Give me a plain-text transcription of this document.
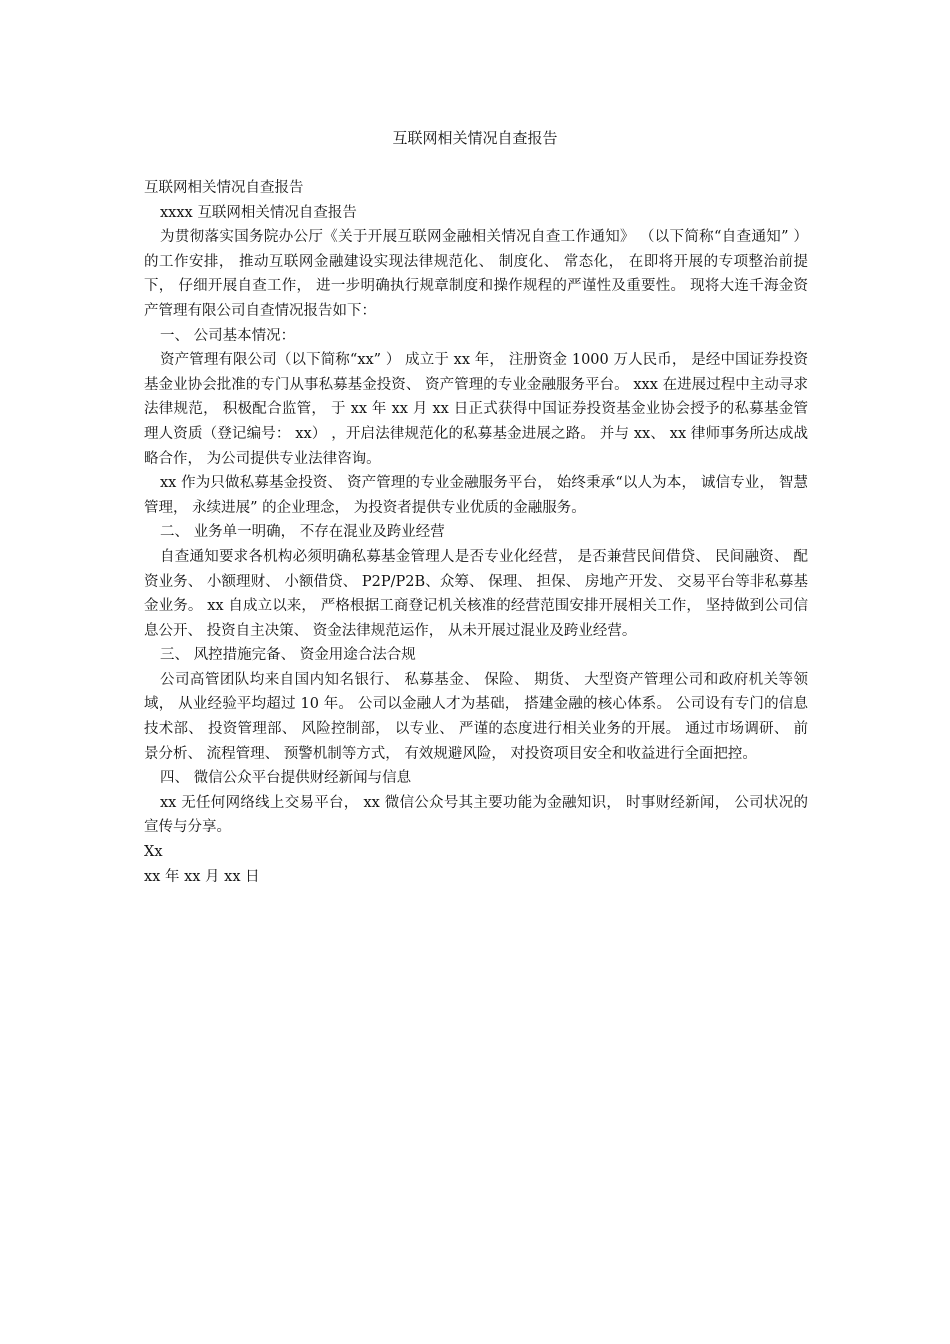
互联网相关情况自查报告

互联网相关情况自查报告

xxxx 互联网相关情况自查报告

为贯彻落实国务院办公厅《关于开展互联网金融相关情况自查工作通知》 （以下简称“自查通知” ） 的工作安排， 推动互联网金融建设实现法律规范化、 制度化、 常态化， 在即将开展的专项整治前提下， 仔细开展自查工作， 进一步明确执行规章制度和操作规程的严谨性及重要性。 现将大连千海金资产管理有限公司自查情况报告如下：

一、 公司基本情况：

资产管理有限公司（以下简称“xx” ） 成立于 xx 年， 注册资金 1000 万人民币， 是经中国证券投资基金业协会批准的专门从事私募基金投资、 资产管理的专业金融服务平台。 xxx 在进展过程中主动寻求法律规范， 积极配合监管， 于 xx 年 xx 月 xx 日正式获得中国证券投资基金业协会授予的私募基金管理人资质（登记编号： xx） ，开启法律规范化的私募基金进展之路。 并与 xx、 xx 律师事务所达成战略合作， 为公司提供专业法律咨询。

xx 作为只做私募基金投资、 资产管理的专业金融服务平台， 始终秉承“以人为本， 诚信专业， 智慧管理， 永续进展” 的企业理念， 为投资者提供专业优质的金融服务。

二、 业务单一明确， 不存在混业及跨业经营

自查通知要求各机构必须明确私募基金管理人是否专业化经营， 是否兼营民间借贷、 民间融资、 配资业务、 小额理财、 小额借贷、 P2P/P2B、众筹、 保理、 担保、 房地产开发、 交易平台等非私募基金业务。 xx 自成立以来， 严格根据工商登记机关核准的经营范围安排开展相关工作， 坚持做到公司信息公开、 投资自主决策、 资金法律规范运作， 从未开展过混业及跨业经营。

三、 风控措施完备、 资金用途合法合规

公司高管团队均来自国内知名银行、 私募基金、 保险、 期货、 大型资产管理公司和政府机关等领域， 从业经验平均超过 10 年。 公司以金融人才为基础， 搭建金融的核心体系。 公司设有专门的信息技术部、 投资管理部、 风险控制部， 以专业、 严谨的态度进行相关业务的开展。 通过市场调研、 前景分析、 流程管理、 预警机制等方式， 有效规避风险， 对投资项目安全和收益进行全面把控。

四、 微信公众平台提供财经新闻与信息

xx 无任何网络线上交易平台， xx 微信公众号其主要功能为金融知识， 时事财经新闻， 公司状况的宣传与分享。

Xx

xx 年 xx 月 xx 日
